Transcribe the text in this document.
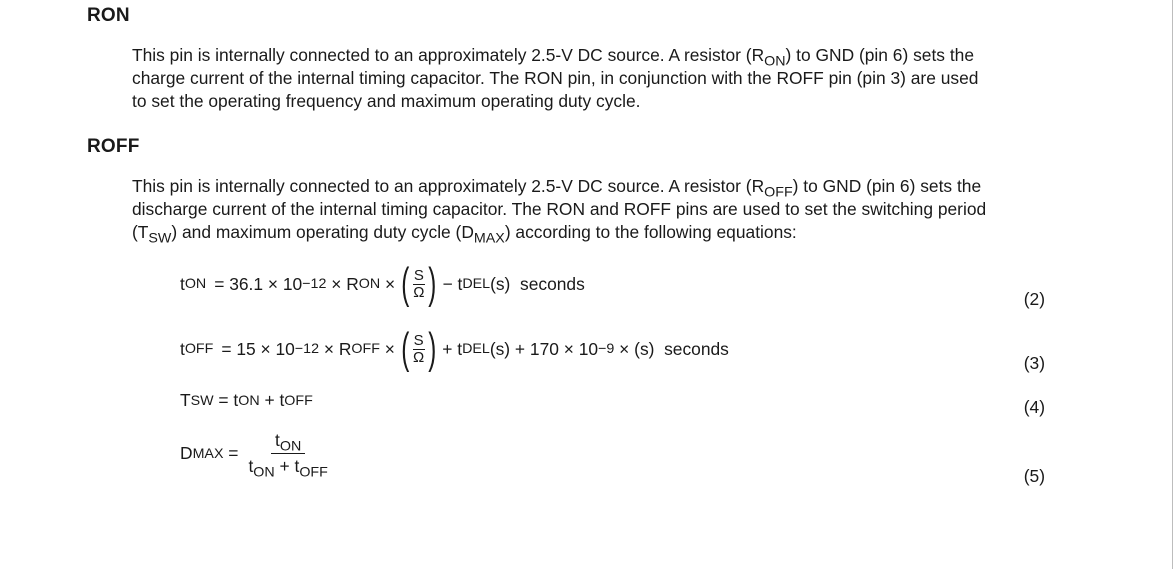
RON
This pin is internally connected to an approximately 2.5-V DC source. A resistor $(R_{ON})$ to GND (pin 6) sets the
charge current of the internal timing capacitor. The RON pin, in conjunction with the ROFF pin (pin 3) are used
to set the operating frequency and maximum operating duty cycle.
ROFF
This pin is internally connected to an approximately 2.5-V DC source. A resistor $(R_{OFF})$ to GND (pin 6) sets the
discharge current of the internal timing capacitor. The RON and ROFF pins are used to set the switching period
$(T_{SW})$ and maximum operating duty cycle $(D_{MAX})$ according to the following equations:
t ON = 36.1 × 10 −12 × R ON × ( $\frac{S}{\Omega}$ ) − t DEL (s)  seconds
(2)
t OFF = 15 × 10 −12 × R OFF × ( $\frac{S}{\Omega}$ ) + t DEL (s) + 170 × 10 −9 × (s)  seconds
(3)
T SW = t ON + t OFF	(4)
D MAX = $\frac{t_{ON}}{t_{ON} + t_{OFF}}$	(5)
